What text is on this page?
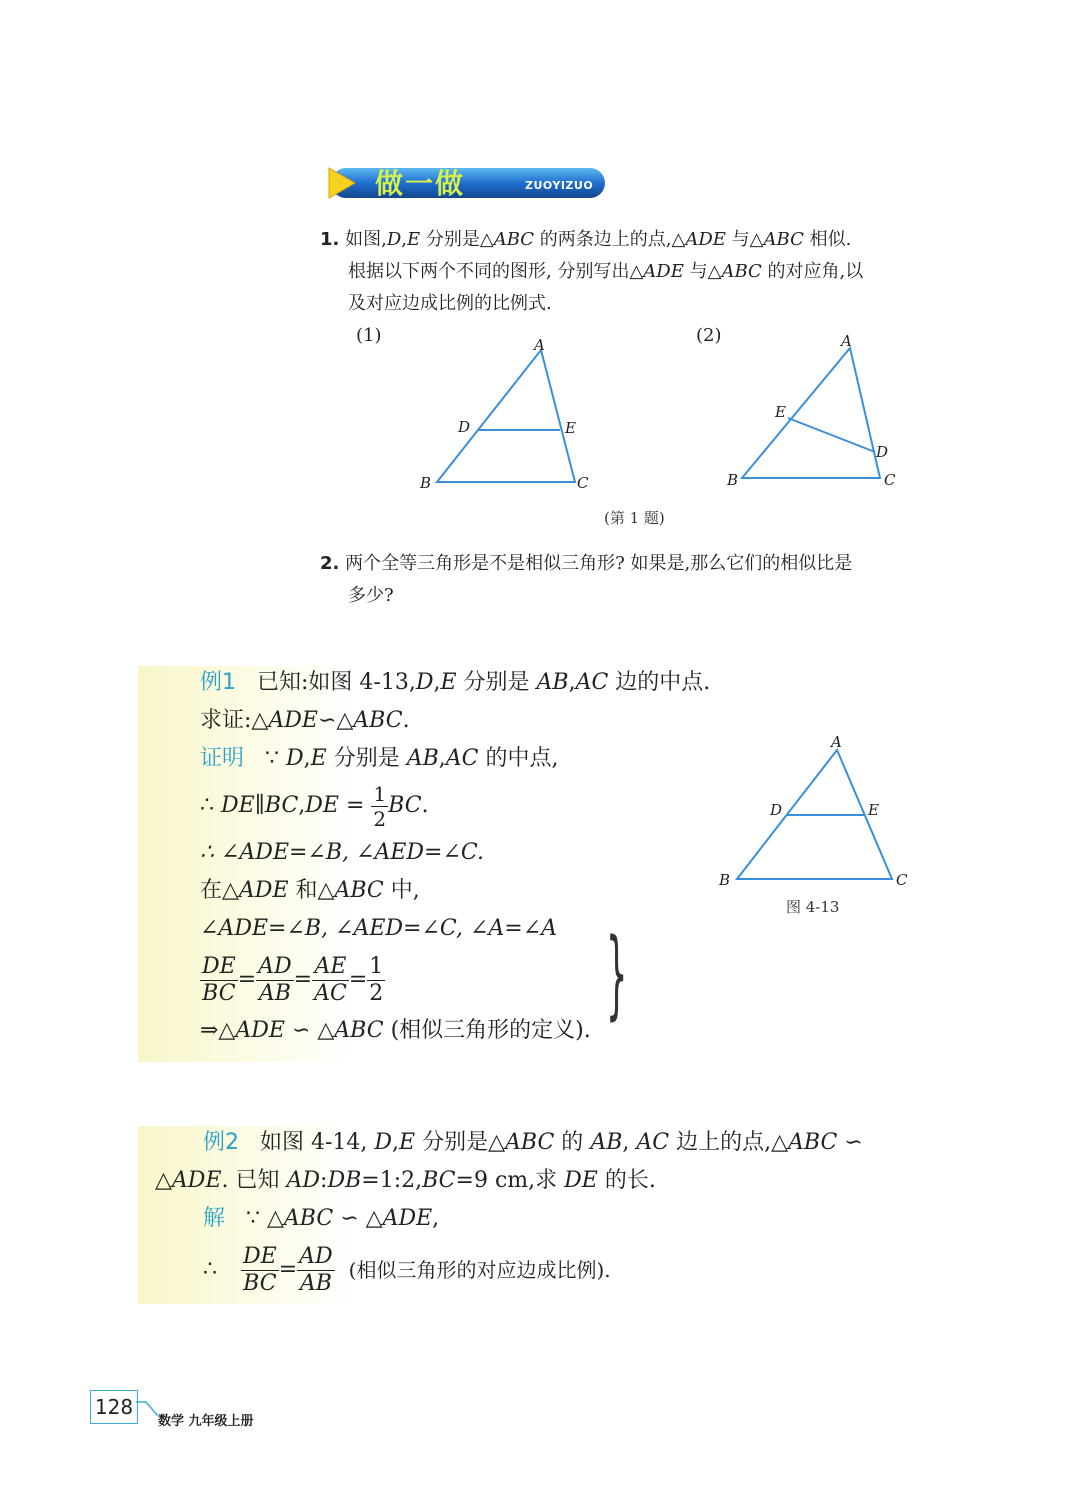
做一做	ZUOYIZUO
1. 如图,D,E 分别是△ABC 的两条边上的点,△ADE 与△ABC 相似.
根据以下两个不同的图形, 分别写出△ADE 与△ABC 的对应角,以
及对应边成比例的比例式.
(1)	(2)
A
D	E
B	C
A
E
D
B	C
(第 1 题)
2. 两个全等三角形是不是相似三角形? 如果是,那么它们的相似比是
多少?
例1 已知:如图 4-13,D,E 分别是 AB,AC 边的中点.
求证:△ADE∽△ABC.
证明 ∵ D,E 分别是 AB,AC 的中点,
∴ DE∥BC,DE = $\frac{1}{2}$ BC.
∴ ∠ADE=∠B, ∠AED=∠C.
在△ADE 和△ABC 中,
∠ADE=∠B, ∠AED=∠C, ∠A=∠A
$\frac{DE}{BC} = \frac{AD}{AB} = \frac{AE}{AC} = \frac{1}{2}$
⇒△ADE ∽ △ABC (相似三角形的定义).
}
A
D	E
B	C
图 4-13
例2 如图 4-14, D,E 分别是△ABC 的 AB, AC 边上的点,△ABC ∽
△ADE. 已知 AD:DB=1:2,BC=9 cm,求 DE 的长.
解 ∵ △ABC ∽ △ADE,
∴ $\frac{DE}{BC} = \frac{AD}{AB}$ (相似三角形的对应边成比例).
128
数学 九年级上册
